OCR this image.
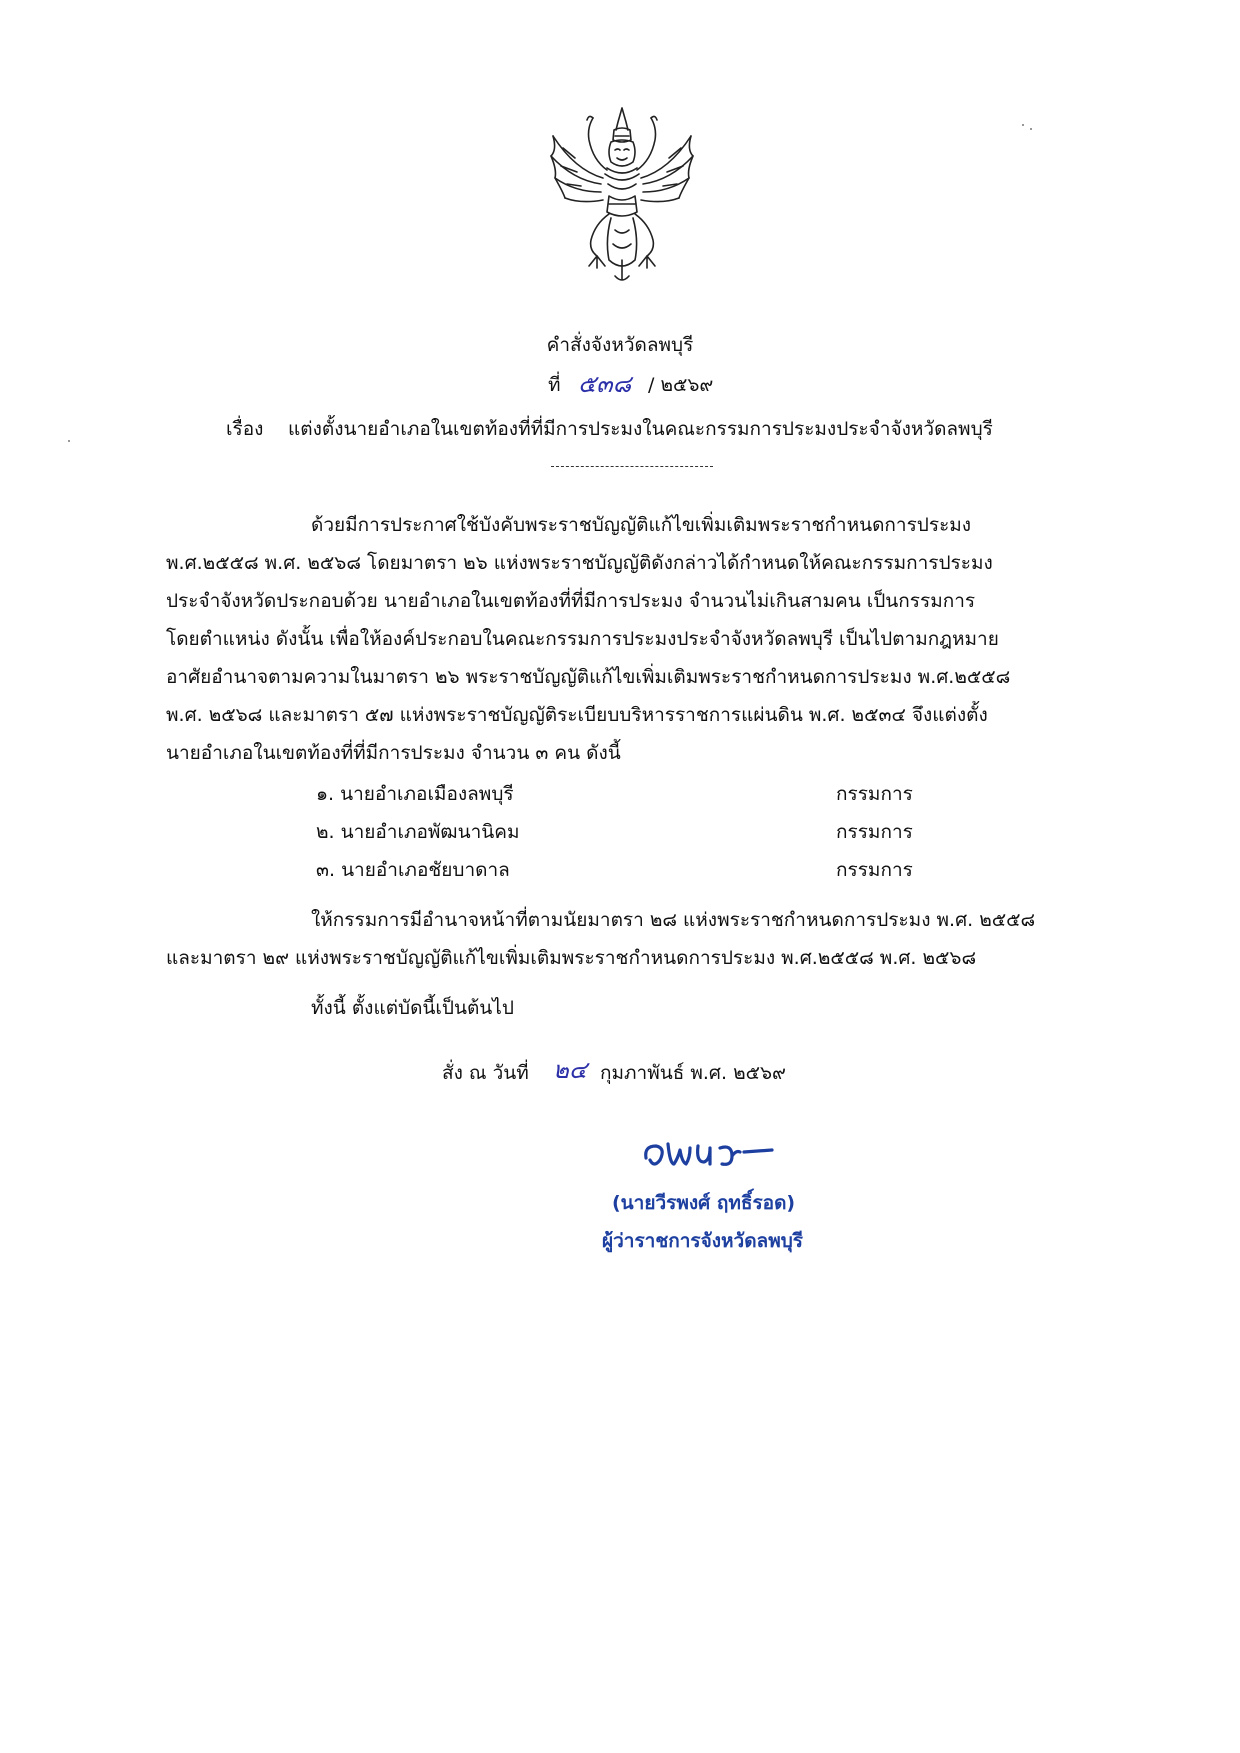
คำสั่งจังหวัดลพบุรี
ที่ ๕๓๘ / ๒๕๖๙
เรื่อง แต่งตั้งนายอำเภอในเขตท้องที่ที่มีการประมงในคณะกรรมการประมงประจำจังหวัดลพบุรี
ด้วยมีการประกาศใช้บังคับพระราชบัญญัติแก้ไขเพิ่มเติมพระราชกำหนดการประมง
พ.ศ.๒๕๕๘ พ.ศ. ๒๕๖๘ โดยมาตรา ๒๖ แห่งพระราชบัญญัติดังกล่าวได้กำหนดให้คณะกรรมการประมง
ประจำจังหวัดประกอบด้วย นายอำเภอในเขตท้องที่ที่มีการประมง จำนวนไม่เกินสามคน เป็นกรรมการ
โดยตำแหน่ง ดังนั้น เพื่อให้องค์ประกอบในคณะกรรมการประมงประจำจังหวัดลพบุรี เป็นไปตามกฎหมาย
อาศัยอำนาจตามความในมาตรา ๒๖ พระราชบัญญัติแก้ไขเพิ่มเติมพระราชกำหนดการประมง พ.ศ.๒๕๕๘
พ.ศ. ๒๕๖๘ และมาตรา ๕๗ แห่งพระราชบัญญัติระเบียบบริหารราชการแผ่นดิน พ.ศ. ๒๕๓๔ จึงแต่งตั้ง
นายอำเภอในเขตท้องที่ที่มีการประมง จำนวน ๓ คน ดังนี้
๑. นายอำเภอเมืองลพบุรี	กรรมการ
๒. นายอำเภอพัฒนานิคม	กรรมการ
๓. นายอำเภอชัยบาดาล	กรรมการ
ให้กรรมการมีอำนาจหน้าที่ตามนัยมาตรา ๒๘ แห่งพระราชกำหนดการประมง พ.ศ. ๒๕๕๘
และมาตรา ๒๙ แห่งพระราชบัญญัติแก้ไขเพิ่มเติมพระราชกำหนดการประมง พ.ศ.๒๕๕๘ พ.ศ. ๒๕๖๘
ทั้งนี้ ตั้งแต่บัดนี้เป็นต้นไป
สั่ง ณ วันที่ ๒๔ กุมภาพันธ์ พ.ศ. ๒๕๖๙
(นายวีรพงศ์ ฤทธิ์รอด)
ผู้ว่าราชการจังหวัดลพบุรี
